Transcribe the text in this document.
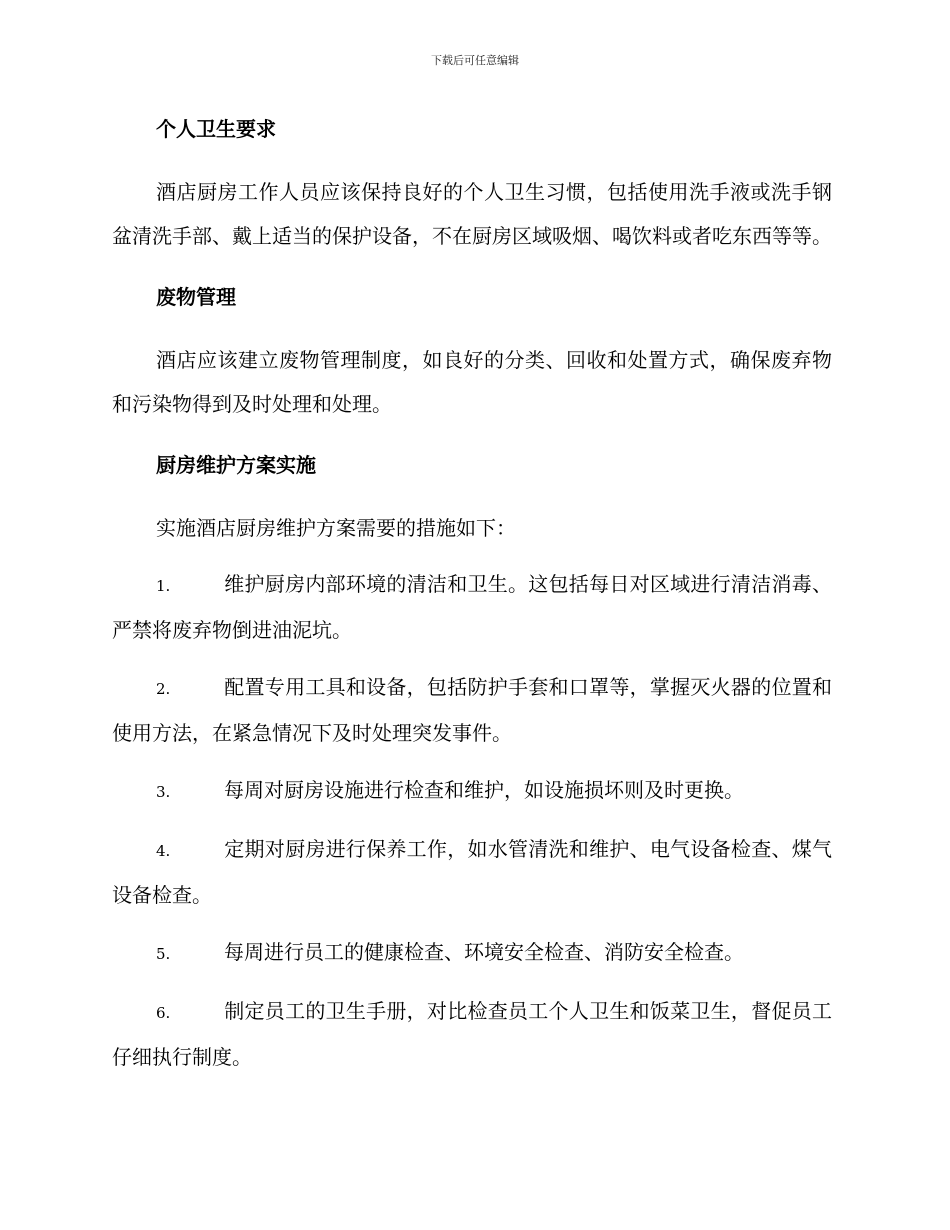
下载后可任意编辑
个人卫生要求

酒店厨房工作人员应该保持良好的个人卫生习惯，包括使用洗手液或洗手钢盆清洗手部、戴上适当的保护设备，不在厨房区域吸烟、喝饮料或者吃东西等等。

废物管理

酒店应该建立废物管理制度，如良好的分类、回收和处置方式，确保废弃物和污染物得到及时处理和处理。

厨房维护方案实施

实施酒店厨房维护方案需要的措施如下：

1.	维护厨房内部环境的清洁和卫生。这包括每日对区域进行清洁消毒、严禁将废弃物倒进油泥坑。
2.	配置专用工具和设备，包括防护手套和口罩等，掌握灭火器的位置和使用方法，在紧急情况下及时处理突发事件。
3.	每周对厨房设施进行检查和维护，如设施损坏则及时更换。
4.	定期对厨房进行保养工作，如水管清洗和维护、电气设备检查、煤气设备检查。
5.	每周进行员工的健康检查、环境安全检查、消防安全检查。
6.	制定员工的卫生手册，对比检查员工个人卫生和饭菜卫生，督促员工仔细执行制度。
